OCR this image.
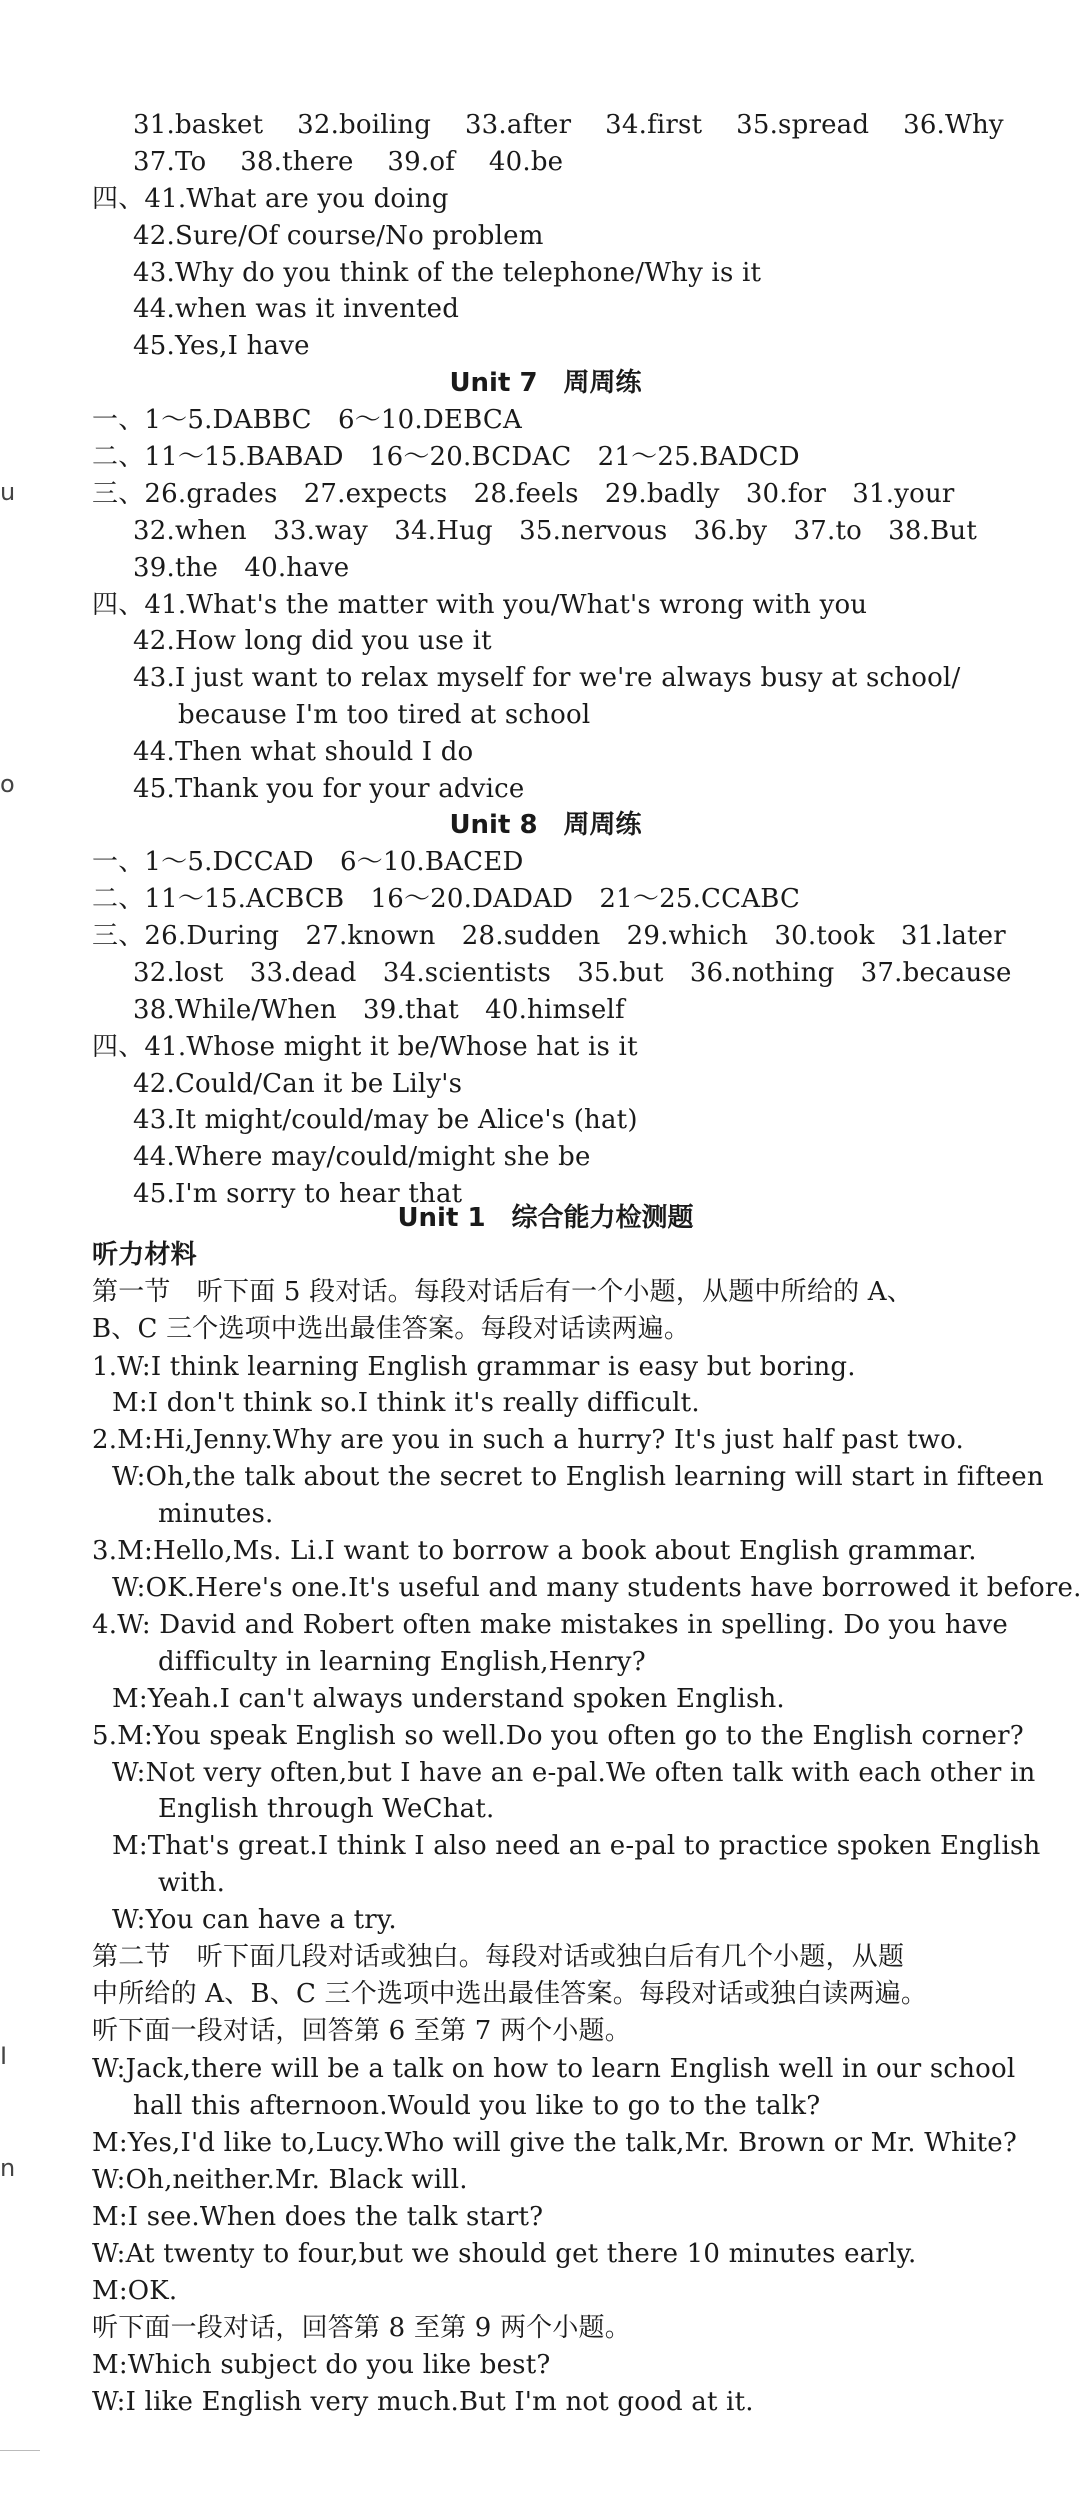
u
o
I
n
31.basket 32.boiling 33.after 34.first 35.spread 36.Why
37.To 38.there 39.of 40.be
四、41.What are you doing
42.Sure/Of course/No problem
43.Why do you think of the telephone/Why is it
44.when was it invented
45.Yes,I have
Unit 7　周周练
一、1～5.DABBC　6～10.DEBCA
二、11～15.BABAD　16～20.BCDAC　21～25.BADCD
三、26.grades　27.expects　28.feels　29.badly　30.for　31.your
32.when　33.way　34.Hug　35.nervous　36.by　37.to　38.But
39.the　40.have
四、41.What's the matter with you/What's wrong with you
42.How long did you use it
43.I just want to relax myself for we're always busy at school/
because I'm too tired at school
44.Then what should I do
45.Thank you for your advice
Unit 8　周周练
一、1～5.DCCAD　6～10.BACED
二、11～15.ACBCB　16～20.DADAD　21～25.CCABC
三、26.During　27.known　28.sudden　29.which　30.took　31.later
32.lost　33.dead　34.scientists　35.but　36.nothing　37.because
38.While/When　39.that　40.himself
四、41.Whose might it be/Whose hat is it
42.Could/Can it be Lily's
43.It might/could/may be Alice's (hat)
44.Where may/could/might she be
45.I'm sorry to hear that
Unit 1　综合能力检测题
听力材料
第一节　听下面 5 段对话。每段对话后有一个小题，从题中所给的 A、
B、C 三个选项中选出最佳答案。每段对话读两遍。
1.W:I think learning English grammar is easy but boring.
M:I don't think so.I think it's really difficult.
2.M:Hi,Jenny.Why are you in such a hurry? It's just half past two.
W:Oh,the talk about the secret to English learning will start in fifteen
minutes.
3.M:Hello,Ms. Li.I want to borrow a book about English grammar.
W:OK.Here's one.It's useful and many students have borrowed it before.
4.W: David and Robert often make mistakes in spelling. Do you have
difficulty in learning English,Henry?
M:Yeah.I can't always understand spoken English.
5.M:You speak English so well.Do you often go to the English corner?
W:Not very often,but I have an e-pal.We often talk with each other in
English through WeChat.
M:That's great.I think I also need an e-pal to practice spoken English
with.
W:You can have a try.
第二节　听下面几段对话或独白。每段对话或独白后有几个小题，从题
中所给的 A、B、C 三个选项中选出最佳答案。每段对话或独白读两遍。
听下面一段对话，回答第 6 至第 7 两个小题。
W:Jack,there will be a talk on how to learn English well in our school
hall this afternoon.Would you like to go to the talk?
M:Yes,I'd like to,Lucy.Who will give the talk,Mr. Brown or Mr. White?
W:Oh,neither.Mr. Black will.
M:I see.When does the talk start?
W:At twenty to four,but we should get there 10 minutes early.
M:OK.
听下面一段对话，回答第 8 至第 9 两个小题。
M:Which subject do you like best?
W:I like English very much.But I'm not good at it.
